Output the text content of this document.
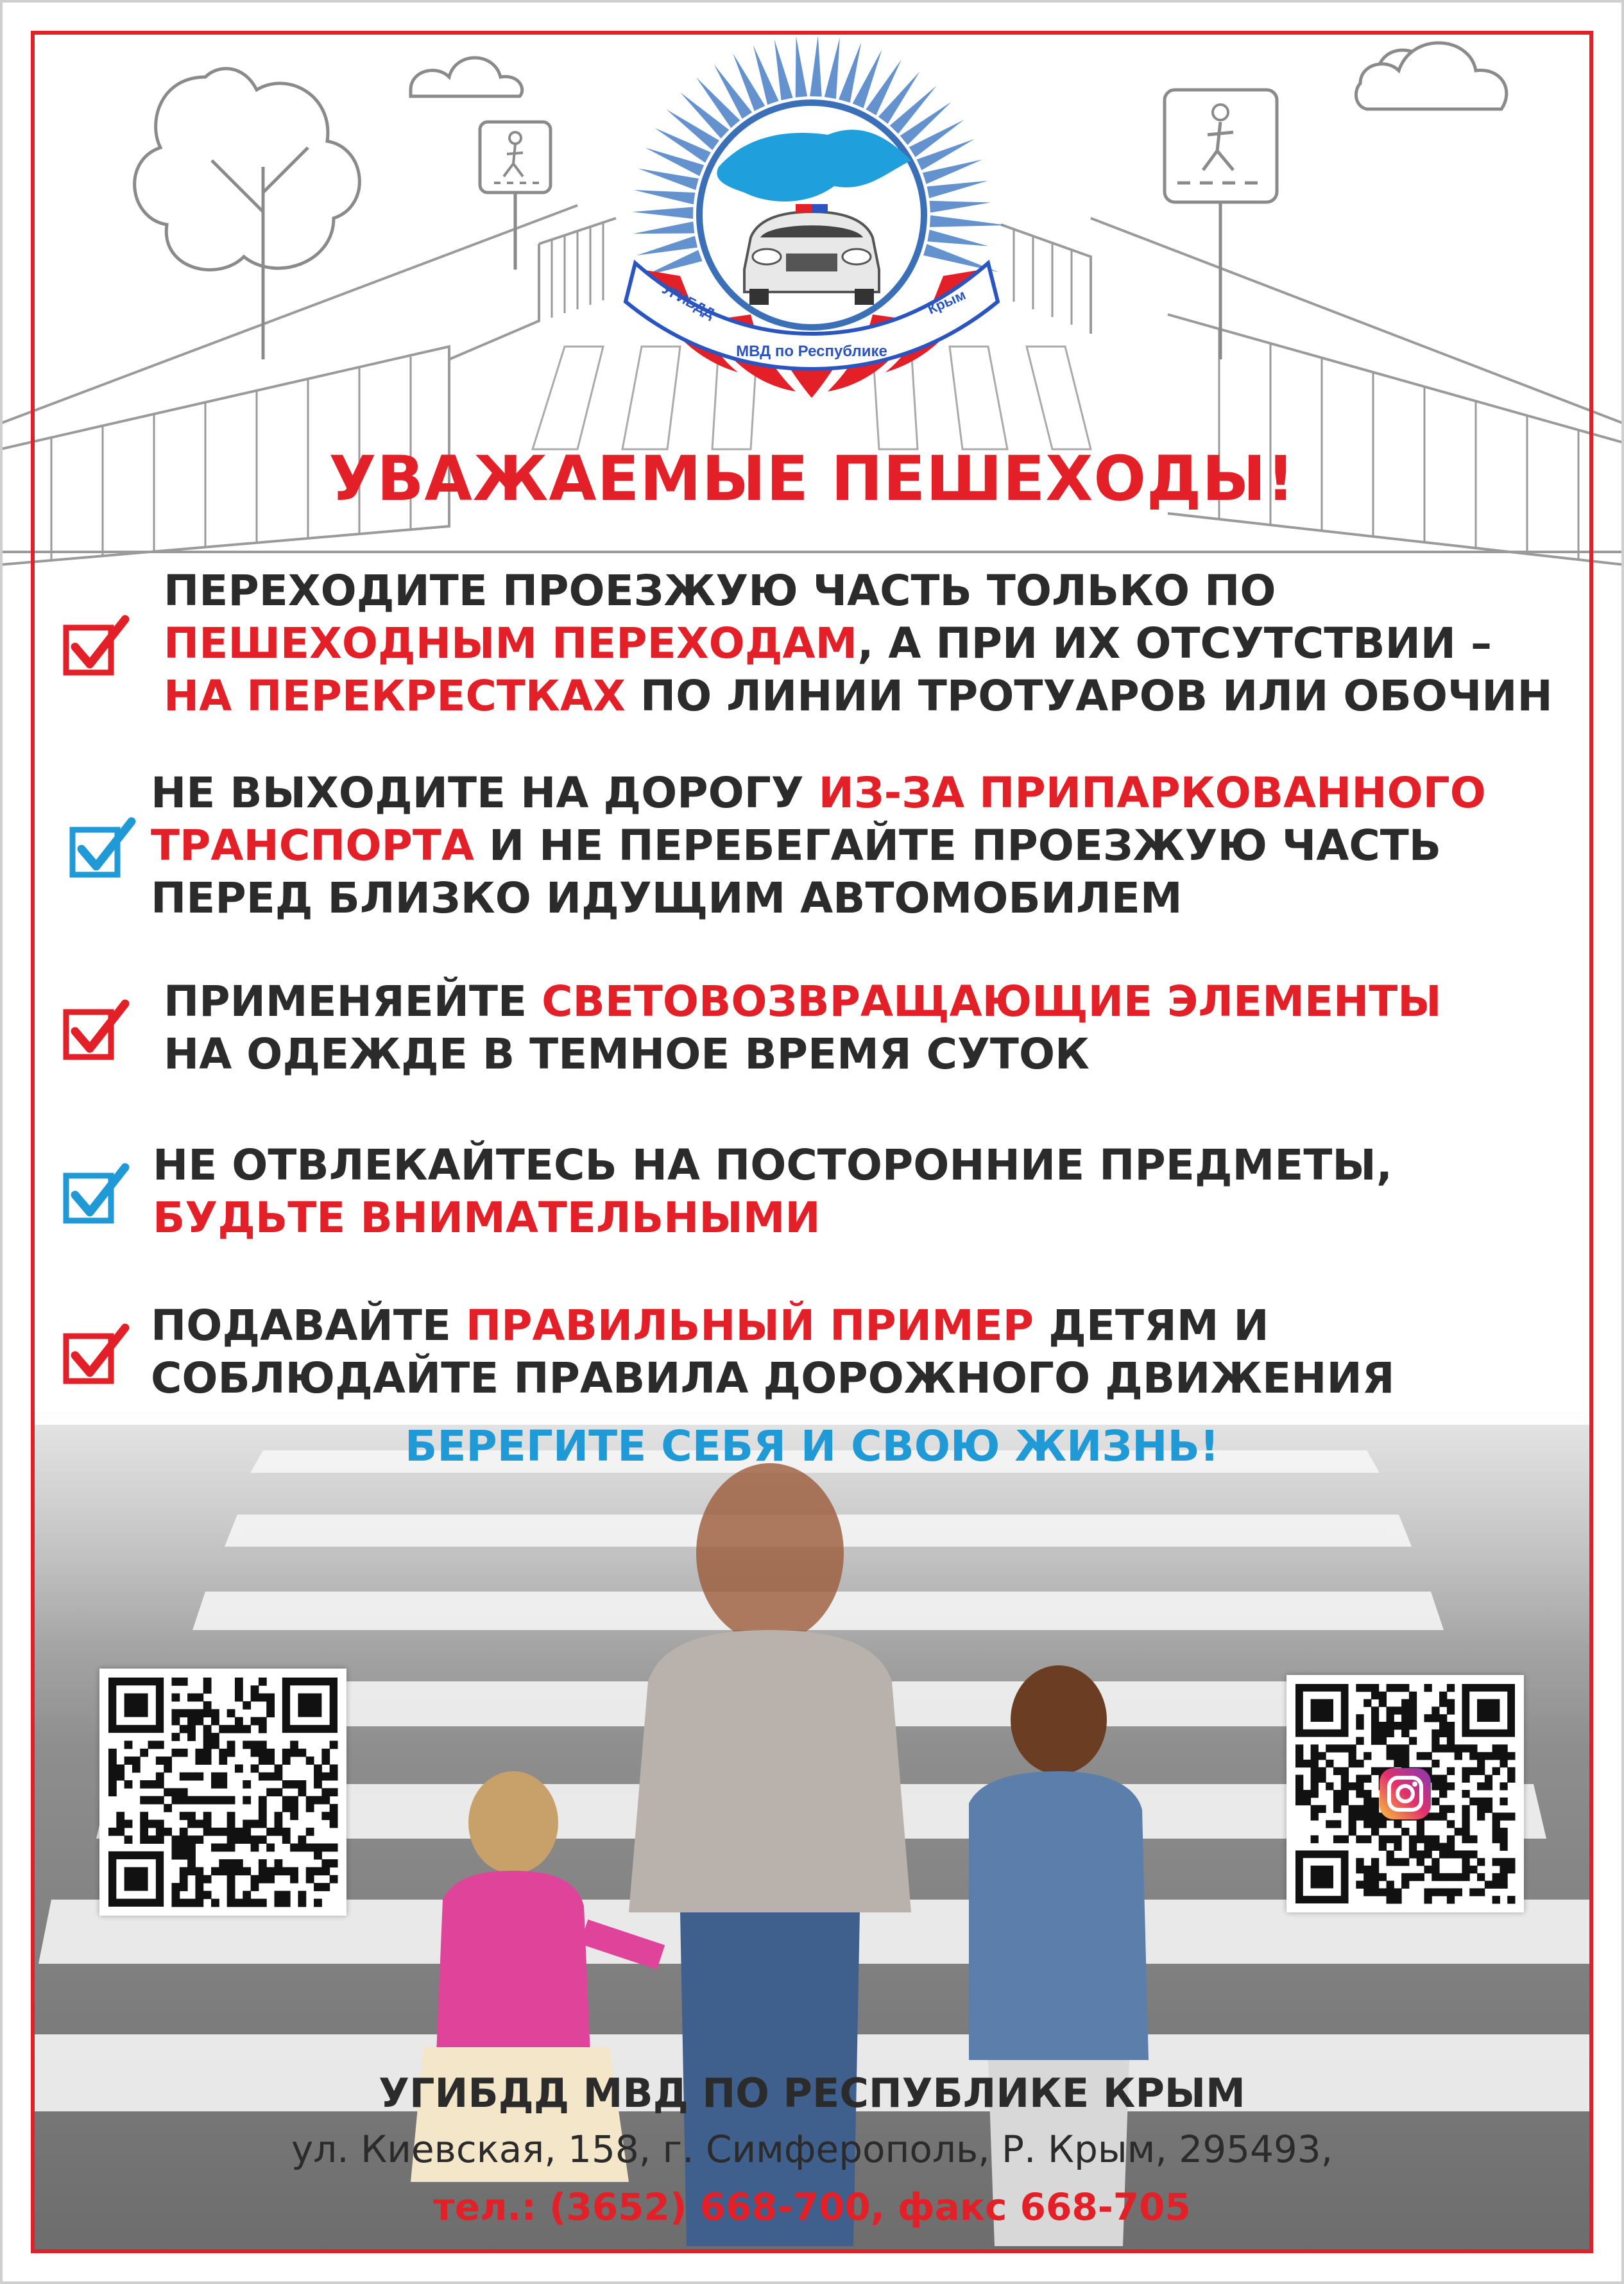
УГИБДД
МВД по Республике
Крым
УВАЖАЕМЫЕ ПЕШЕХОДЫ!
ПЕРЕХОДИТЕ ПРОЕЗЖУЮ ЧАСТЬ ТОЛЬКО ПО
ПЕШЕХОДНЫМ ПЕРЕХОДАМ, А ПРИ ИХ ОТСУТСТВИИ –
НА ПЕРЕКРЕСТКАХ ПО ЛИНИИ ТРОТУАРОВ ИЛИ ОБОЧИН
НЕ ВЫХОДИТЕ НА ДОРОГУ ИЗ-ЗА ПРИПАРКОВАННОГО
ТРАНСПОРТА И НЕ ПЕРЕБЕГАЙТЕ ПРОЕЗЖУЮ ЧАСТЬ
ПЕРЕД БЛИЗКО ИДУЩИМ АВТОМОБИЛЕМ
ПРИМЕНЯЕЙТЕ СВЕТОВОЗВРАЩАЮЩИЕ ЭЛЕМЕНТЫ
НА ОДЕЖДЕ В ТЕМНОЕ ВРЕМЯ СУТОК
НЕ ОТВЛЕКАЙТЕСЬ НА ПОСТОРОННИЕ ПРЕДМЕТЫ,
БУДЬТЕ ВНИМАТЕЛЬНЫМИ
ПОДАВАЙТЕ ПРАВИЛЬНЫЙ ПРИМЕР ДЕТЯМ И
СОБЛЮДАЙТЕ ПРАВИЛА ДОРОЖНОГО ДВИЖЕНИЯ
БЕРЕГИТЕ СЕБЯ И СВОЮ ЖИЗНЬ!
УГИБДД МВД ПО РЕСПУБЛИКЕ КРЫМ
ул. Киевская, 158, г. Симферополь, Р. Крым, 295493,
тел.: (3652) 668-700, факс 668-705
